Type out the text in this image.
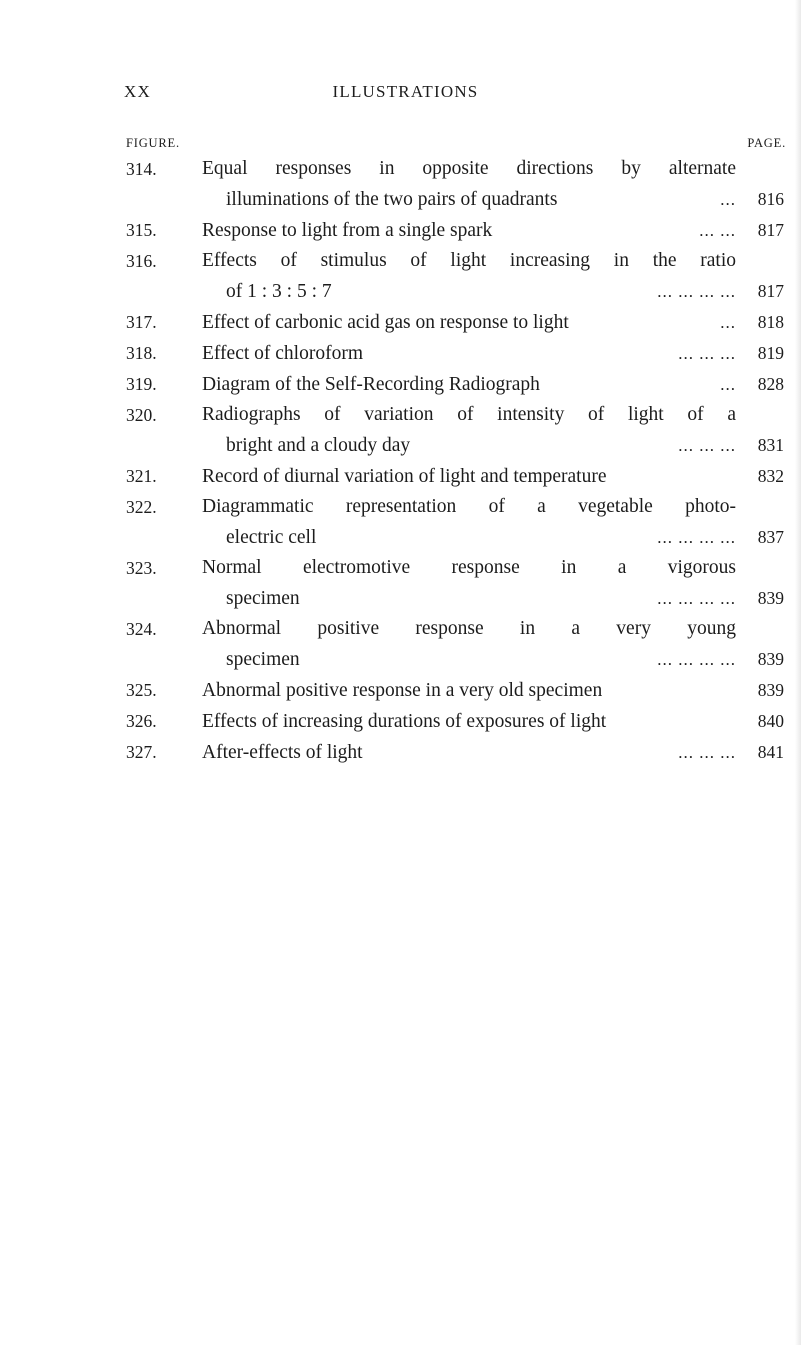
XX	ILLUSTRATIONS
FIGURE.	PAGE.
314.	Equal responses in opposite directions by alternate
illuminations of the two pairs of quadrants	...	816
315.	Response to light from a single spark	... ...	817
316.	Effects of stimulus of light increasing in the ratio
of 1 : 3 : 5 : 7	... ... ... ...	817
317.	Effect of carbonic acid gas on response to light	...	818
318.	Effect of chloroform	... ... ...	819
319.	Diagram of the Self-Recording Radiograph	...	828
320.	Radiographs of variation of intensity of light of a
bright and a cloudy day	... ... ...	831
321.	Record of diurnal variation of light and temperature	832
322.	Diagrammatic representation of a vegetable photo-
electric cell	... ... ... ...	837
323.	Normal electromotive response in a vigorous
specimen	... ... ... ...	839
324.	Abnormal positive response in a very young
specimen	... ... ... ...	839
325.	Abnormal positive response in a very old specimen	839
326.	Effects of increasing durations of exposures of light	840
327.	After-effects of light	... ... ...	841
